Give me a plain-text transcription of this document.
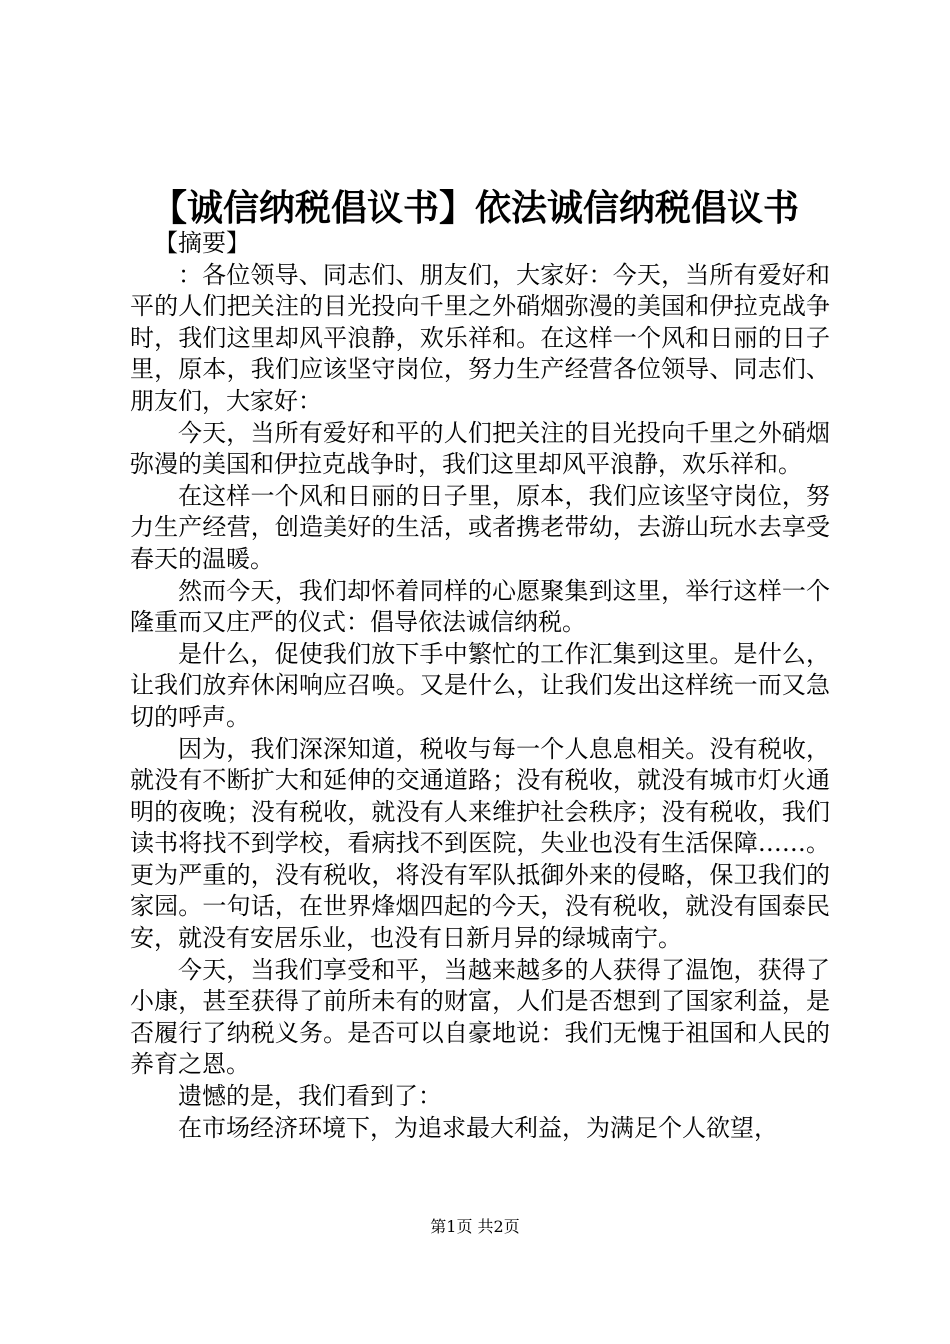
【诚信纳税倡议书】依法诚信纳税倡议书

【摘要】

：各位领导、同志们、朋友们，大家好：今天，当所有爱好和平的人们把关注的目光投向千里之外硝烟弥漫的美国和伊拉克战争时，我们这里却风平浪静，欢乐祥和。在这样一个风和日丽的日子里，原本，我们应该坚守岗位，努力生产经营各位领导、同志们、朋友们，大家好：

今天，当所有爱好和平的人们把关注的目光投向千里之外硝烟弥漫的美国和伊拉克战争时，我们这里却风平浪静，欢乐祥和。

在这样一个风和日丽的日子里，原本，我们应该坚守岗位，努力生产经营，创造美好的生活，或者携老带幼，去游山玩水去享受春天的温暖。

然而今天，我们却怀着同样的心愿聚集到这里，举行这样一个隆重而又庄严的仪式：倡导依法诚信纳税。

是什么，促使我们放下手中繁忙的工作汇集到这里。是什么，让我们放弃休闲响应召唤。又是什么，让我们发出这样统一而又急切的呼声。

因为，我们深深知道，税收与每一个人息息相关。没有税收，就没有不断扩大和延伸的交通道路；没有税收，就没有城市灯火通明的夜晚；没有税收，就没有人来维护社会秩序；没有税收，我们读书将找不到学校，看病找不到医院，失业也没有生活保障……。更为严重的，没有税收，将没有军队抵御外来的侵略，保卫我们的家园。一句话，在世界烽烟四起的今天，没有税收，就没有国泰民安，就没有安居乐业，也没有日新月异的绿城南宁。

今天，当我们享受和平，当越来越多的人获得了温饱，获得了小康，甚至获得了前所未有的财富，人们是否想到了国家利益，是否履行了纳税义务。是否可以自豪地说：我们无愧于祖国和人民的养育之恩。

遗憾的是，我们看到了：

在市场经济环境下，为追求最大利益，为满足个人欲望，

第1页 共2页
